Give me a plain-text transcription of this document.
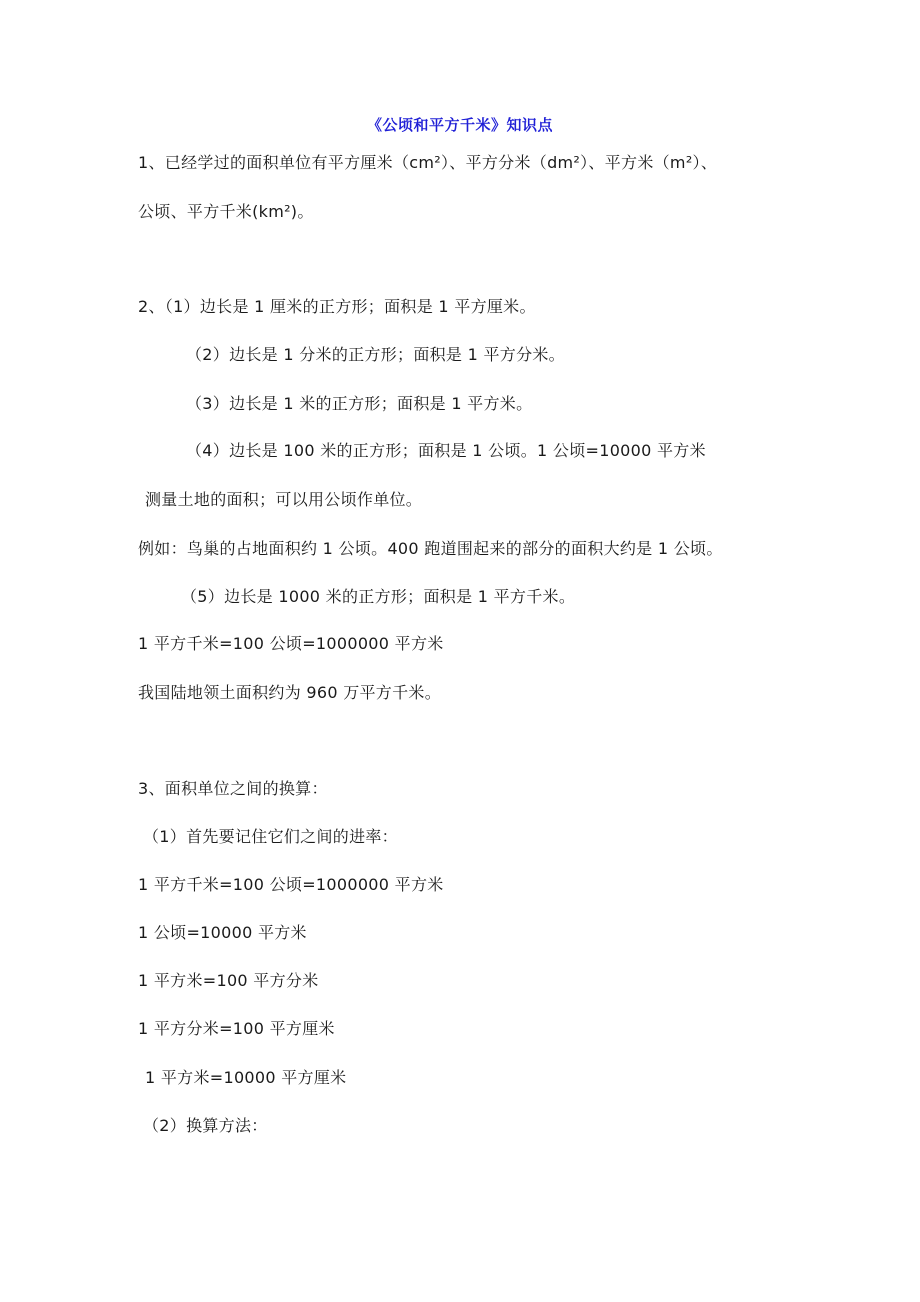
《公顷和平方千米》知识点
1、已经学过的面积单位有平方厘米（cm²）、平方分米（dm²）、平方米（m²）、
公顷、平方千米(km²)。
2、（1）边长是 1 厘米的正方形；面积是 1 平方厘米。
（2）边长是 1 分米的正方形；面积是 1 平方分米。
（3）边长是 1 米的正方形；面积是 1 平方米。
（4）边长是 100 米的正方形；面积是 1 公顷。1 公顷=10000 平方米
测量土地的面积；可以用公顷作单位。
例如：鸟巢的占地面积约 1 公顷。400 跑道围起来的部分的面积大约是 1 公顷。
（5）边长是 1000 米的正方形；面积是 1 平方千米。
1 平方千米=100 公顷=1000000 平方米
我国陆地领土面积约为 960 万平方千米。
3、面积单位之间的换算：
（1）首先要记住它们之间的进率：
1 平方千米=100 公顷=1000000 平方米
1 公顷=10000 平方米
1 平方米=100 平方分米
1 平方分米=100 平方厘米
1 平方米=10000 平方厘米
（2）换算方法：
